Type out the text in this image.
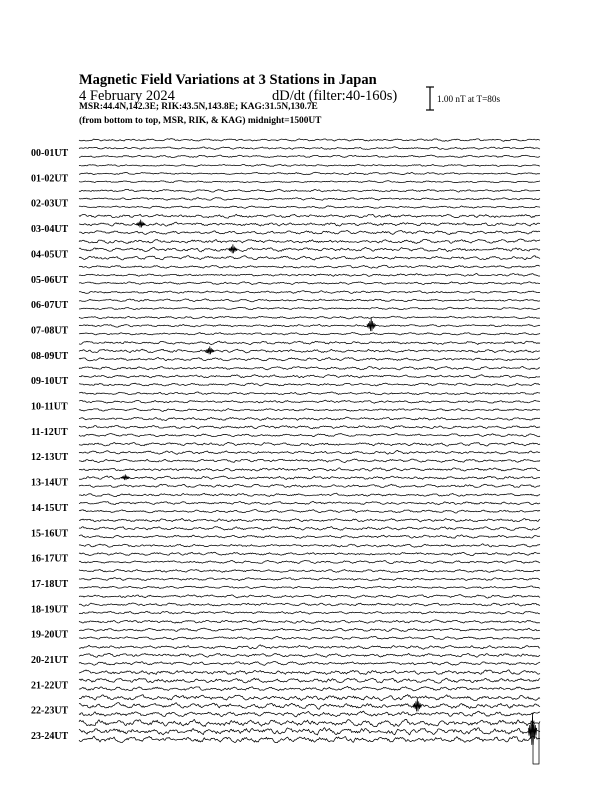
Magnetic Field Variations at 3 Stations in Japan
4 February 2024	dD/dt (filter:40-160s)
MSR:44.4N,142.3E; RIK:43.5N,143.8E; KAG:31.5N,130.7E
(from bottom to top, MSR, RIK, & KAG) midnight=1500UT
1.00 nT at T=80s
00-01UT
01-02UT
02-03UT
03-04UT
04-05UT
05-06UT
06-07UT
07-08UT
08-09UT
09-10UT
10-11UT
11-12UT
12-13UT
13-14UT
14-15UT
15-16UT
16-17UT
17-18UT
18-19UT
19-20UT
20-21UT
21-22UT
22-23UT
23-24UT
